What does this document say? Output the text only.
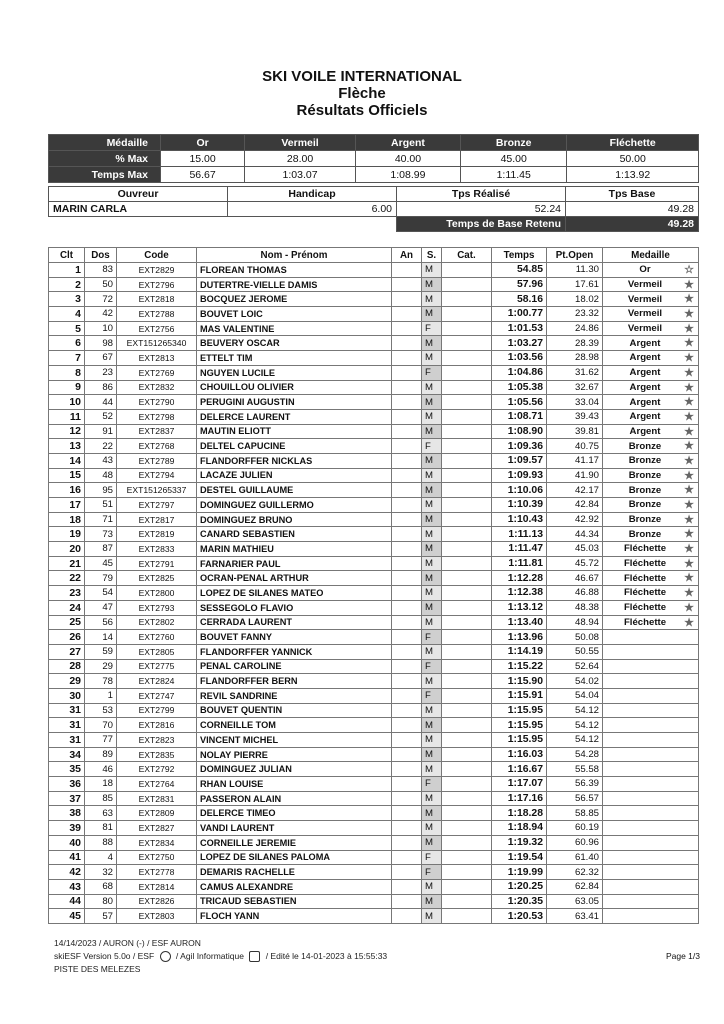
SKI VOILE INTERNATIONAL
Flèche
Résultats Officiels
Médaille	Or	Vermeil	Argent	Bronze	Fléchette
% Max	15.00	28.00	40.00	45.00	50.00
Temps Max	56.67	1:03.07	1:08.99	1:11.45	1:13.92
Ouvreur	Handicap	Tps Réalisé	Tps Base
MARIN CARLA	6.00	52.24	49.28
		Temps de Base Retenu	49.28
Clt	Dos	Code	Nom - Prénom	An	S.	Cat.	Temps	Pt.Open	Medaille
1	83	EXT2829	FLOREAN THOMAS		M		54.85	11.30	Or ☆

2	50	EXT2796	DUTERTRE-VIELLE DAMIS		M		57.96	17.61	Vermeil ★

3	72	EXT2818	BOCQUEZ JEROME		M		58.16	18.02	Vermeil ★

4	42	EXT2788	BOUVET LOIC		M		1:00.77	23.32	Vermeil ★

5	10	EXT2756	MAS VALENTINE		F		1:01.53	24.86	Vermeil ★

6	98	EXT151265340	BEUVERY OSCAR		M		1:03.27	28.39	Argent ★

7	67	EXT2813	ETTELT TIM		M		1:03.56	28.98	Argent ★

8	23	EXT2769	NGUYEN LUCILE		F		1:04.86	31.62	Argent ★

9	86	EXT2832	CHOUILLOU OLIVIER		M		1:05.38	32.67	Argent ★

10	44	EXT2790	PERUGINI AUGUSTIN		M		1:05.56	33.04	Argent ★

11	52	EXT2798	DELERCE LAURENT		M		1:08.71	39.43	Argent ★

12	91	EXT2837	MAUTIN ELIOTT		M		1:08.90	39.81	Argent ★

13	22	EXT2768	DELTEL CAPUCINE		F		1:09.36	40.75	Bronze ★

14	43	EXT2789	FLANDORFFER NICKLAS		M		1:09.57	41.17	Bronze ★

15	48	EXT2794	LACAZE JULIEN		M		1:09.93	41.90	Bronze ★

16	95	EXT151265337	DESTEL GUILLAUME		M		1:10.06	42.17	Bronze ★

17	51	EXT2797	DOMINGUEZ GUILLERMO		M		1:10.39	42.84	Bronze ★

18	71	EXT2817	DOMINGUEZ BRUNO		M		1:10.43	42.92	Bronze ★

19	73	EXT2819	CANARD SEBASTIEN		M		1:11.13	44.34	Bronze ★

20	87	EXT2833	MARIN MATHIEU		M		1:11.47	45.03	Fléchette ★

21	45	EXT2791	FARNARIER PAUL		M		1:11.81	45.72	Fléchette ★

22	79	EXT2825	OCRAN-PENAL ARTHUR		M		1:12.28	46.67	Fléchette ★

23	54	EXT2800	LOPEZ DE SILANES MATEO		M		1:12.38	46.88	Fléchette ★

24	47	EXT2793	SESSEGOLO FLAVIO		M		1:13.12	48.38	Fléchette ★

25	56	EXT2802	CERRADA LAURENT		M		1:13.40	48.94	Fléchette ★

26	14	EXT2760	BOUVET FANNY		F		1:13.96	50.08	

27	59	EXT2805	FLANDORFFER YANNICK		M		1:14.19	50.55	

28	29	EXT2775	PENAL CAROLINE		F		1:15.22	52.64	

29	78	EXT2824	FLANDORFFER BERN		M		1:15.90	54.02	

30	1	EXT2747	REVIL SANDRINE		F		1:15.91	54.04	

31	53	EXT2799	BOUVET QUENTIN		M		1:15.95	54.12	

31	70	EXT2816	CORNEILLE TOM		M		1:15.95	54.12	

31	77	EXT2823	VINCENT MICHEL		M		1:15.95	54.12	

34	89	EXT2835	NOLAY PIERRE		M		1:16.03	54.28	

35	46	EXT2792	DOMINGUEZ JULIAN		M		1:16.67	55.58	

36	18	EXT2764	RHAN LOUISE		F		1:17.07	56.39	

37	85	EXT2831	PASSERON ALAIN		M		1:17.16	56.57	

38	63	EXT2809	DELERCE TIMEO		M		1:18.28	58.85	

39	81	EXT2827	VANDI LAURENT		M		1:18.94	60.19	

40	88	EXT2834	CORNEILLE JEREMIE		M		1:19.32	60.96	

41	4	EXT2750	LOPEZ DE SILANES PALOMA		F		1:19.54	61.40	

42	32	EXT2778	DEMARIS RACHELLE		F		1:19.99	62.32	

43	68	EXT2814	CAMUS ALEXANDRE		M		1:20.25	62.84	

44	80	EXT2826	TRICAUD SEBASTIEN		M		1:20.35	63.05	

45	57	EXT2803	FLOCH YANN		M		1:20.53	63.41	
14/14/2023 / AURON (-) / ESF AURON
skiESF Version 5.0o / ESF	/ Agil Informatique	/ Edité le 14-01-2023 à 15:55:33
PISTE DES MELEZES
Page 1/3
